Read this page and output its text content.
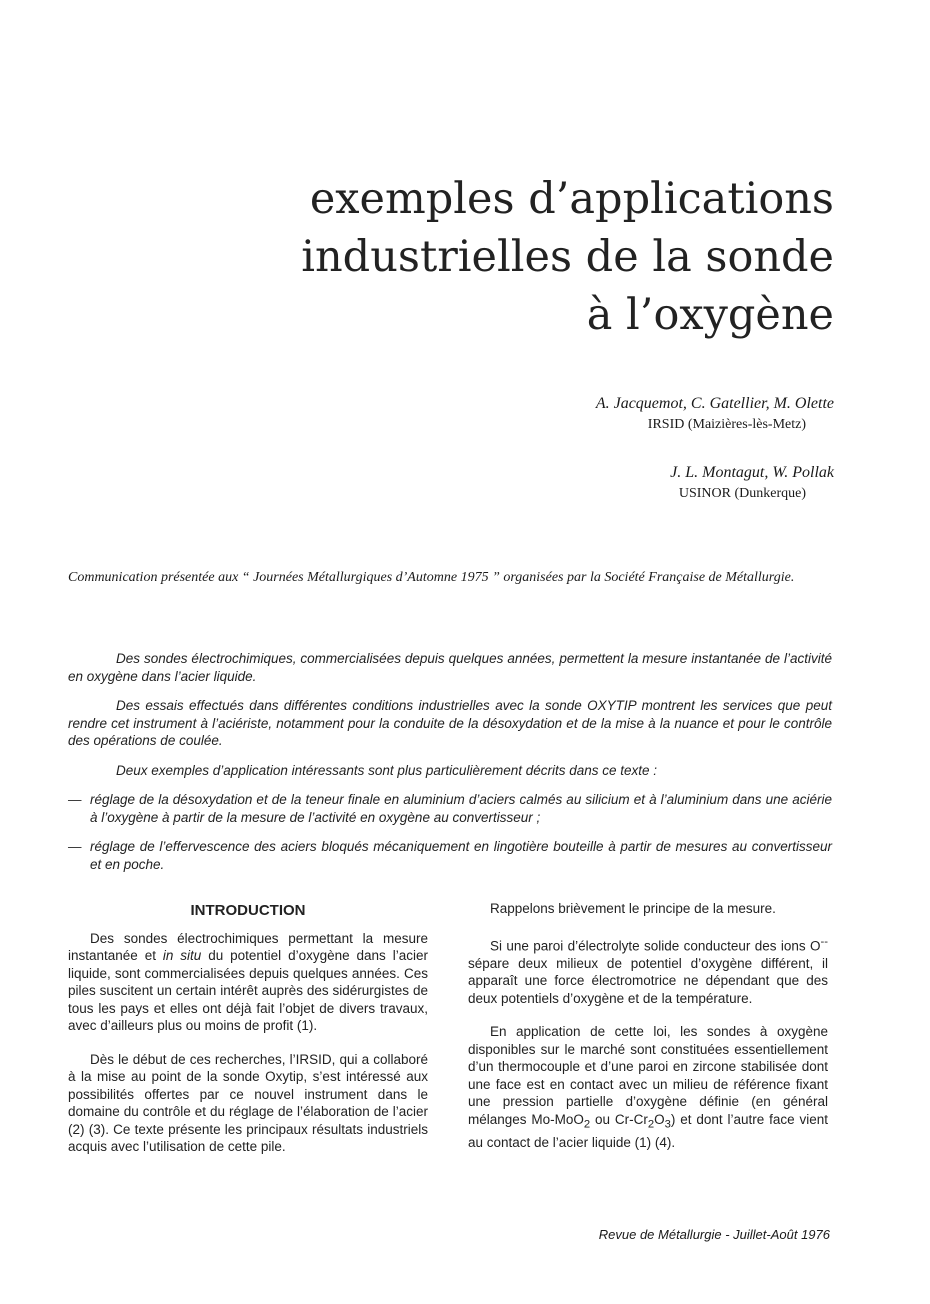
exemples d’applications
industrielles de la sonde
à l’oxygène
A. Jacquemot, C. Gatellier, M. Olette
IRSID (Maizières-lès-Metz)
J. L. Montagut, W. Pollak
USINOR (Dunkerque)

Communication présentée aux “ Journées Métallurgiques d’Automne 1975 ” organisées par la Société Française de Métallurgie.

Des sondes électrochimiques, commercialisées depuis quelques années, permettent la mesure instantanée de l’activité en oxygène dans l’acier liquide.

Des essais effectués dans différentes conditions industrielles avec la sonde OXYTIP montrent les services que peut rendre cet instrument à l’aciériste, notamment pour la conduite de la désoxydation et de la mise à la nuance et pour le contrôle des opérations de coulée.

Deux exemples d’application intéressants sont plus particulièrement décrits dans ce texte :

— réglage de la désoxydation et de la teneur finale en aluminium d’aciers calmés au silicium et à l’aluminium dans une aciérie à l’oxygène à partir de la mesure de l’activité en oxygène au convertisseur ;
— réglage de l’effervescence des aciers bloqués mécaniquement en lingotière bouteille à partir de mesures au convertisseur et en poche.
INTRODUCTION

Des sondes électrochimiques permettant la mesure instantanée et in situ du potentiel d’oxygène dans l’acier liquide, sont commercialisées depuis quelques années. Ces piles suscitent un certain intérêt auprès des sidérurgistes de tous les pays et elles ont déjà fait l’objet de divers travaux, avec d’ailleurs plus ou moins de profit (1).

Dès le début de ces recherches, l’IRSID, qui a collaboré à la mise au point de la sonde Oxytip, s’est intéressé aux possibilités offertes par ce nouvel instrument dans le domaine du contrôle et du réglage de l’élaboration de l’acier (2) (3). Ce texte présente les principaux résultats industriels acquis avec l’utilisation de cette pile.

Rappelons brièvement le principe de la mesure.

Si une paroi d’électrolyte solide conducteur des ions O-- sépare deux milieux de potentiel d’oxygène différent, il apparaît une force électromotrice ne dépendant que des deux potentiels d’oxygène et de la température.

En application de cette loi, les sondes à oxygène disponibles sur le marché sont constituées essentiellement d’un thermocouple et d’une paroi en zircone stabilisée dont une face est en contact avec un milieu de référence fixant une pression partielle d’oxygène définie (en général mélanges Mo-MoO$_2$ ou $Cr-Cr_2O_3$) et dont l’autre face vient au contact de l’acier liquide (1) (4).

Revue de Métallurgie - Juillet-Août 1976
